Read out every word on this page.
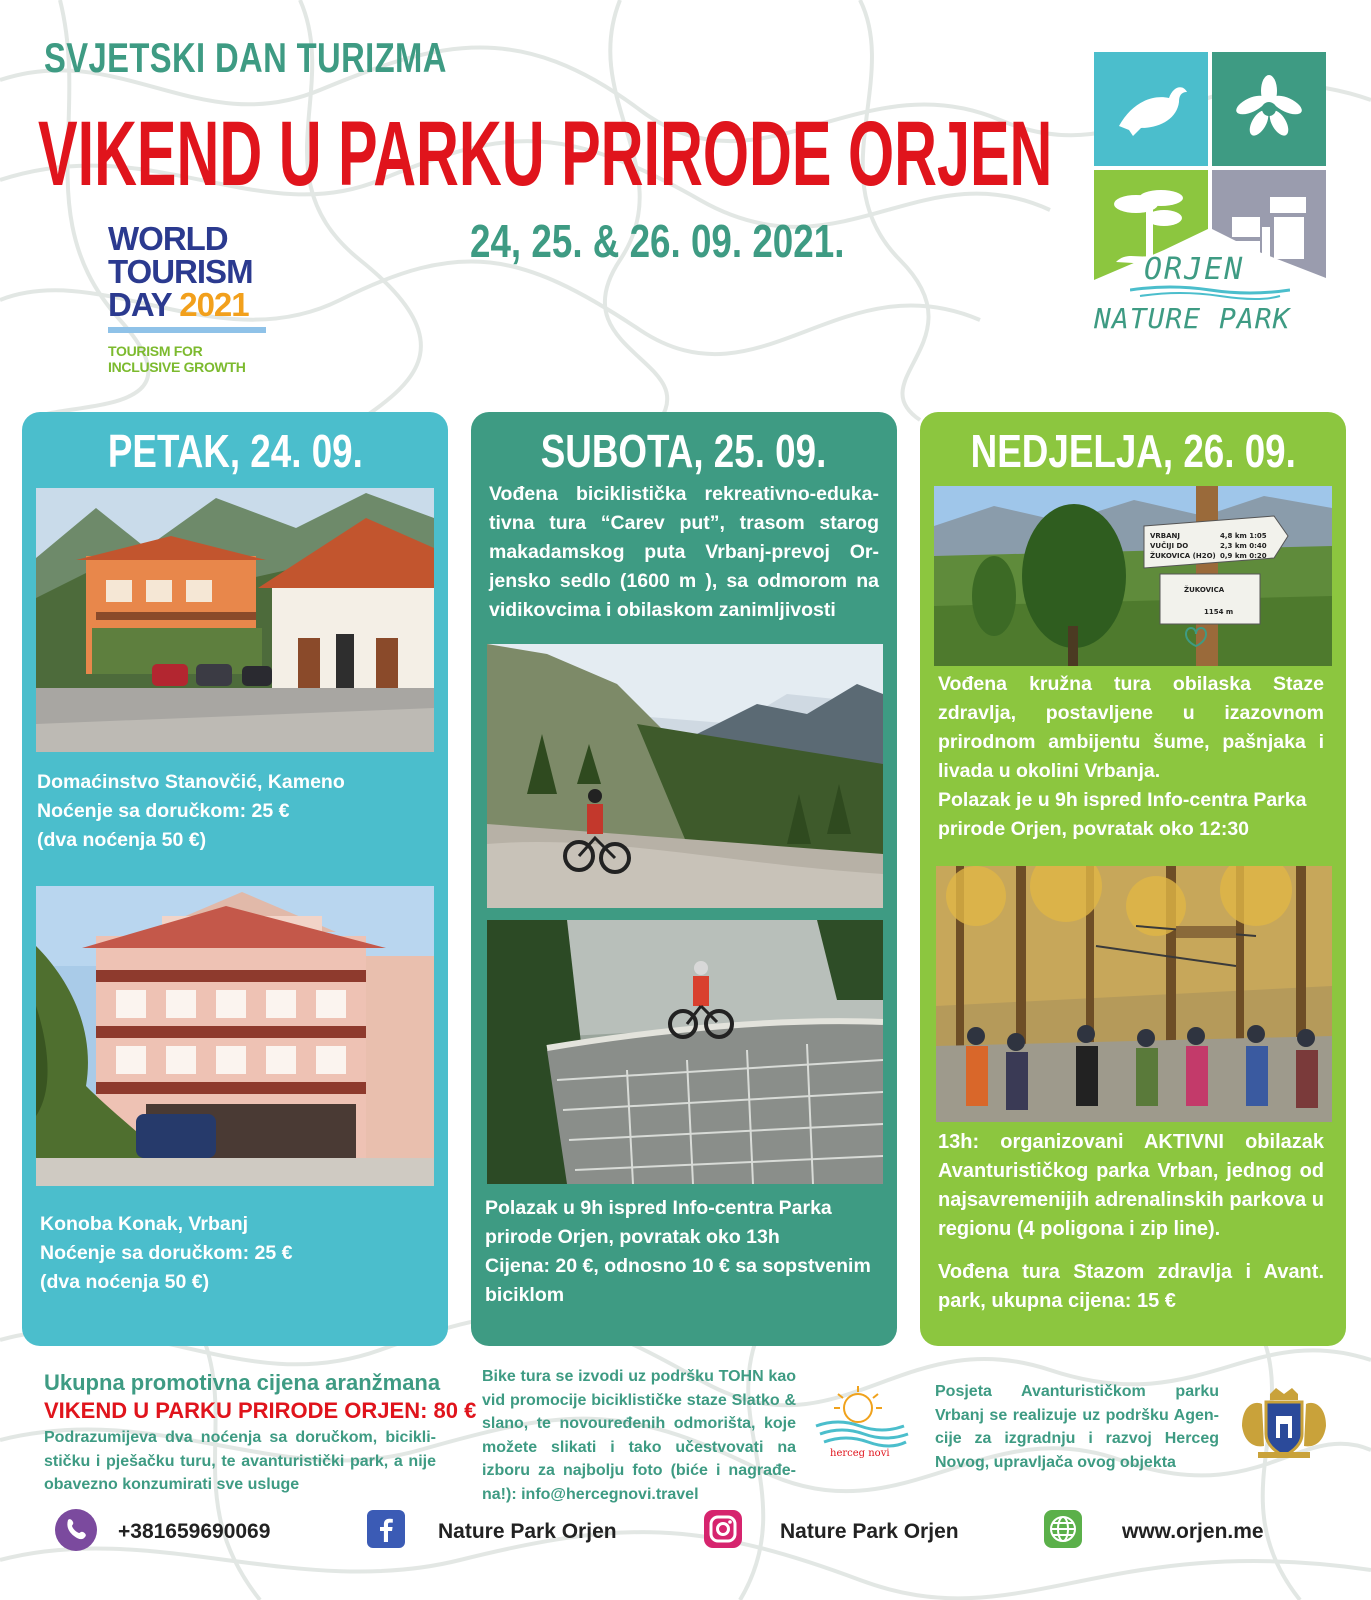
SVJETSKI DAN TURIZMA
VIKEND U PARKU PRIRODE ORJEN
24, 25. & 26. 09. 2021.
WORLD
TOURISM
DAY 2021
TOURISM FOR
INCLUSIVE GROWTH
ORJEN
NATURE PARK
PETAK, 24. 09.
Domaćinstvo Stanovčić, Kameno
Noćenje sa doručkom: 25 €
(dva noćenja 50 €)
Konoba Konak, Vrbanj
Noćenje sa doručkom: 25 €
(dva noćenja 50 €)
SUBOTA, 25. 09.
Vođena biciklistička rekreativno-eduka-tivna tura “Carev put”, trasom starog makadamskog puta Vrbanj-prevoj Or-jensko sedlo (1600 m ), sa odmorom na vidikovcima i obilaskom zanimljivosti
Polazak u 9h ispred Info-centra Parka prirode Orjen, povratak oko 13h
Cijena: 20 €, odnosno 10 € sa sopstvenim biciklom
NEDJELJA, 26. 09.
VRBANJ
VUČIJI DO
ŽUKOVICA (H2O)
4,8 km 1:05
2,3 km 0:40
0,9 km 0:20
ŽUKOVICA
1154 m
Vođena kružna tura obilaska Staze zdravlja, postavljene u izazovnom prirodnom ambijentu šume, pašnjaka i livada u okolini Vrbanja.
Polazak je u 9h ispred Info-centra Parka prirode Orjen, povratak oko 12:30
13h: organizovani AKTIVNI obilazak Avanturističkog parka Vrban, jednog od najsavremenijih adrenalinskih parkova u regionu (4 poligona i zip line).
Vođena tura Stazom zdravlja i Avant. park, ukupna cijena: 15 €
Ukupna promotivna cijena aranžmana
VIKEND U PARKU PRIRODE ORJEN: 80 €
Podrazumijeva dva noćenja sa doručkom, bicikli-stičku i pješačku turu, te avanturistički park, a nije obavezno konzumirati sve usluge
Bike tura se izvodi uz podršku TOHN kao vid promocije biciklističke staze Slatko & slano, te novouređenih odmorišta, koje možete slikati i tako učestvovati na izboru za najbolju foto (biće i nagrađe-na!): info@hercegnovi.travel
herceg novi
Posjeta Avanturističkom parku Vrbanj se realizuje uz podršku Agen-cije za izgradnju i razvoj Herceg Novog, upravljača ovog objekta
+381659690069	Nature Park Orjen	Nature Park Orjen	www.orjen.me
